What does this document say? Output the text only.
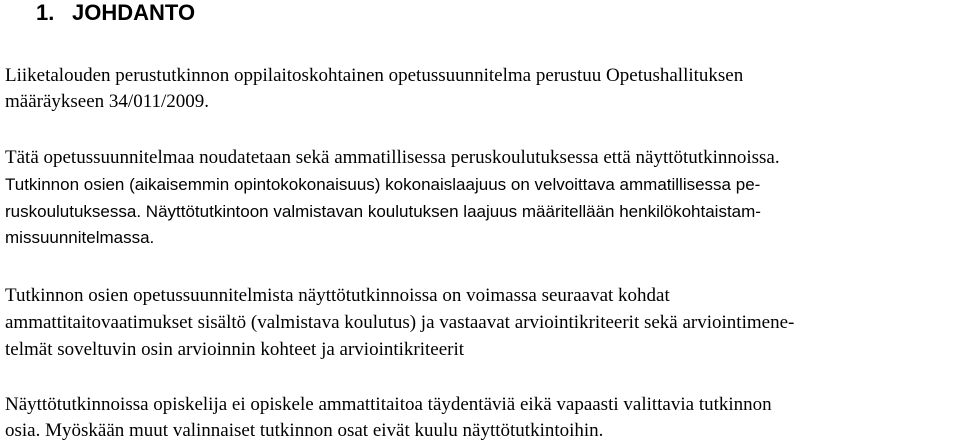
1. JOHDANTO
Liiketalouden perustutkinnon oppilaitoskohtainen opetussuunnitelma perustuu Opetushallituksen
määräykseen 34/011/2009.
Tätä opetussuunnitelmaa noudatetaan sekä ammatillisessa peruskoulutuksessa että näyttötutkinnoissa.
Tutkinnon osien (aikaisemmin opintokokonaisuus) kokonaislaajuus on velvoittava ammatillisessa pe-
ruskoulutuksessa. Näyttötutkintoon valmistavan koulutuksen laajuus määritellään henkilökohtaistam-
missuunnitelmassa.
Tutkinnon osien opetussuunnitelmista näyttötutkinnoissa on voimassa seuraavat kohdat
ammattitaitovaatimukset sisältö (valmistava koulutus) ja vastaavat arviointikriteerit sekä arviointimene-
telmät soveltuvin osin arvioinnin kohteet ja arviointikriteerit
Näyttötutkinnoissa opiskelija ei opiskele ammattitaitoa täydentäviä eikä vapaasti valittavia tutkinnon
osia. Myöskään muut valinnaiset tutkinnon osat eivät kuulu näyttötutkintoihin.
